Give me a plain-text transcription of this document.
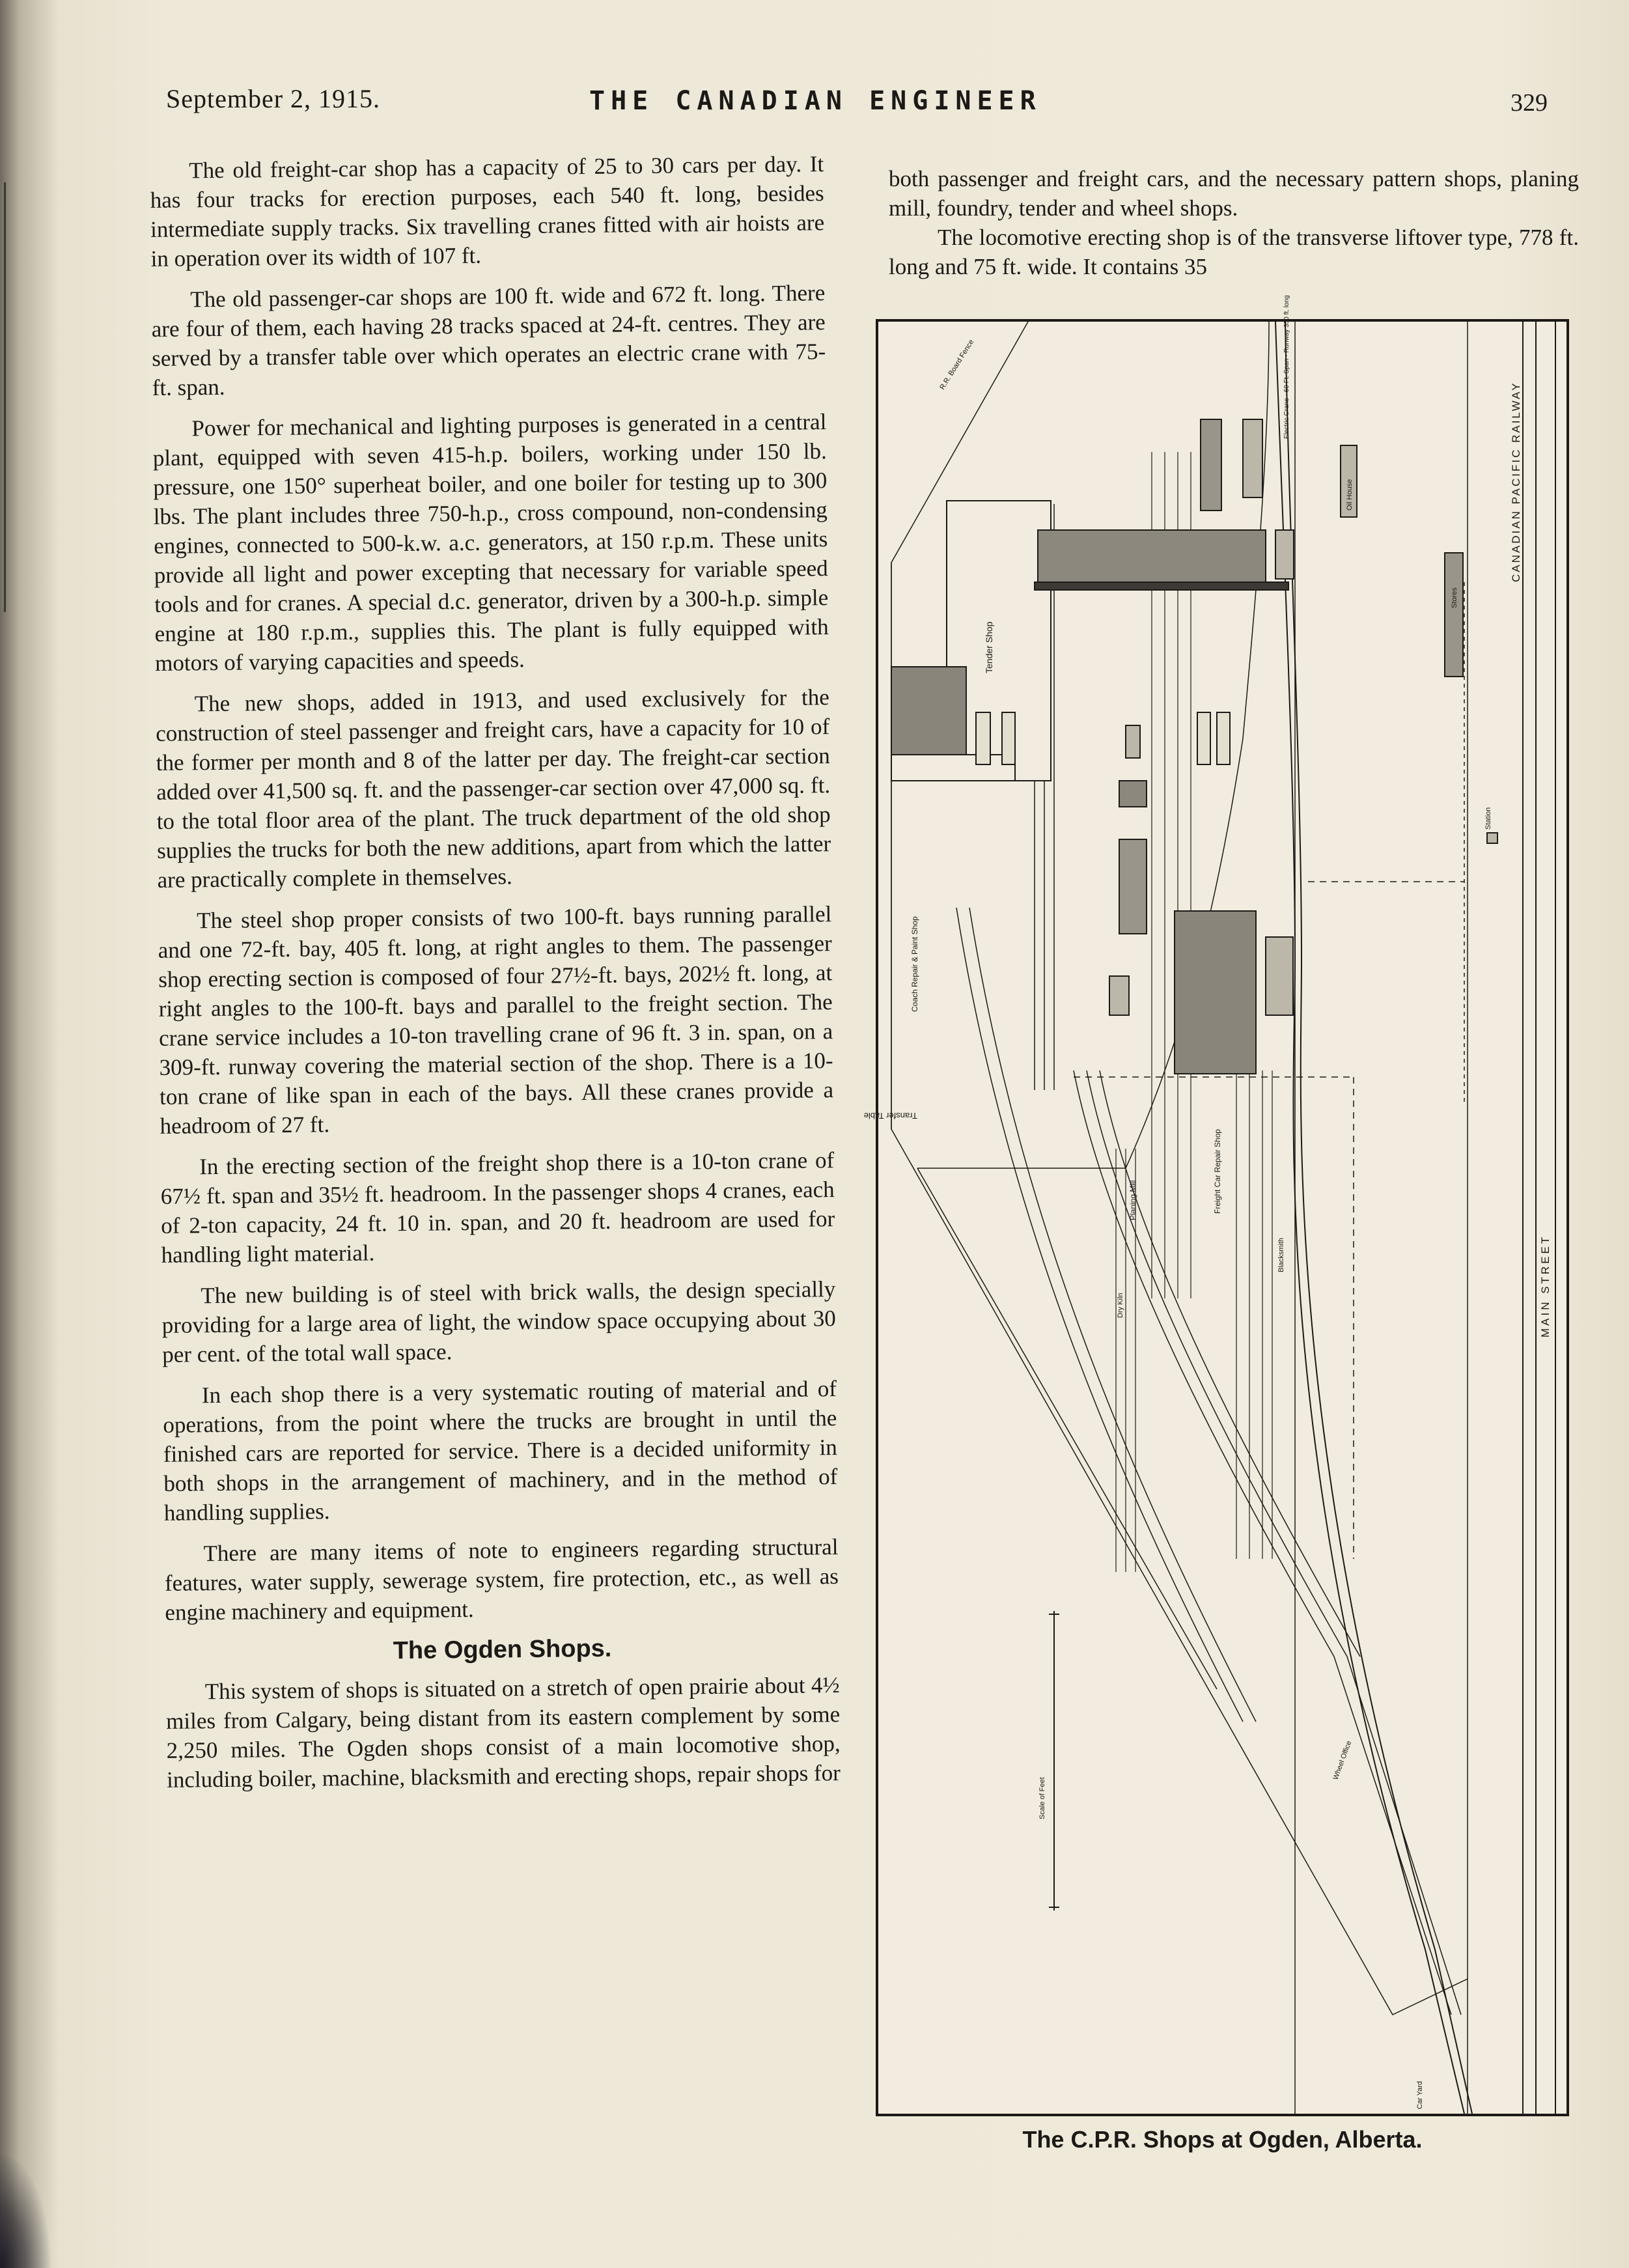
September 2, 1915.	THE CANADIAN ENGINEER	329

The old freight-car shop has a capacity of 25 to 30 cars per day. It has four tracks for erection purposes, each 540 ft. long, besides intermediate supply tracks. Six travelling cranes fitted with air hoists are in operation over its width of 107 ft.

The old passenger-car shops are 100 ft. wide and 672 ft. long. There are four of them, each having 28 tracks spaced at 24-ft. centres. They are served by a transfer table over which operates an electric crane with 75-ft. span.

Power for mechanical and lighting purposes is generated in a central plant, equipped with seven 415-h.p. boilers, working under 150 lb. pressure, one 150° superheat boiler, and one boiler for testing up to 300 lbs. The plant includes three 750-h.p., cross compound, non-condensing engines, connected to 500-k.w. a.c. generators, at 150 r.p.m. These units provide all light and power excepting that necessary for variable speed tools and for cranes. A special d.c. generator, driven by a 300-h.p. simple engine at 180 r.p.m., supplies this. The plant is fully equipped with motors of varying capacities and speeds.

The new shops, added in 1913, and used exclusively for the construction of steel passenger and freight cars, have a capacity for 10 of the former per month and 8 of the latter per day. The freight-car section added over 41,500 sq. ft. and the passenger-car section over 47,000 sq. ft. to the total floor area of the plant. The truck department of the old shop supplies the trucks for both the new additions, apart from which the latter are practically complete in themselves.

The steel shop proper consists of two 100-ft. bays running parallel and one 72-ft. bay, 405 ft. long, at right angles to them. The passenger shop erecting section is composed of four 27½-ft. bays, 202½ ft. long, at right angles to the 100-ft. bays and parallel to the freight section. The crane service includes a 10-ton travelling crane of 96 ft. 3 in. span, on a 309-ft. runway covering the material section of the shop. There is a 10-ton crane of like span in each of the bays. All these cranes provide a headroom of 27 ft.

In the erecting section of the freight shop there is a 10-ton crane of 67½ ft. span and 35½ ft. headroom. In the passenger shops 4 cranes, each of 2-ton capacity, 24 ft. 10 in. span, and 20 ft. headroom are used for handling light material.

The new building is of steel with brick walls, the design specially providing for a large area of light, the window space occupying about 30 per cent. of the total wall space.

In each shop there is a very systematic routing of material and of operations, from the point where the trucks are brought in until the finished cars are reported for service. There is a decided uniformity in both shops in the arrangement of machinery, and in the method of handling supplies.

There are many items of note to engineers regarding structural features, water supply, sewerage system, fire protection, etc., as well as engine machinery and equipment.

The Ogden Shops.

This system of shops is situated on a stretch of open prairie about 4½ miles from Calgary, being distant from its eastern complement by some 2,250 miles. The Ogden shops consist of a main locomotive shop, including boiler, machine, blacksmith and erecting shops, repair shops for

both passenger and freight cars, and the necessary pattern shops, planing mill, foundry, tender and wheel shops.

The locomotive erecting shop is of the transverse liftover type, 778 ft. long and 75 ft. wide. It contains 35

CANADIAN PACIFIC RAILWAY
MAIN STREET
Tender Shop
Transfer Table
Coach Repair & Paint Shop
Freight Car Repair Shop
Planing Mill
Dry Kiln
Blacksmith
Stores
Oil House
Wheel Office
Scale of Feet
R.R. Board Fence	Electric Crane - 60 Ft. Span - Runway 350 ft. long
Car Yard
Station
The C.P.R. Shops at Ogden, Alberta.
